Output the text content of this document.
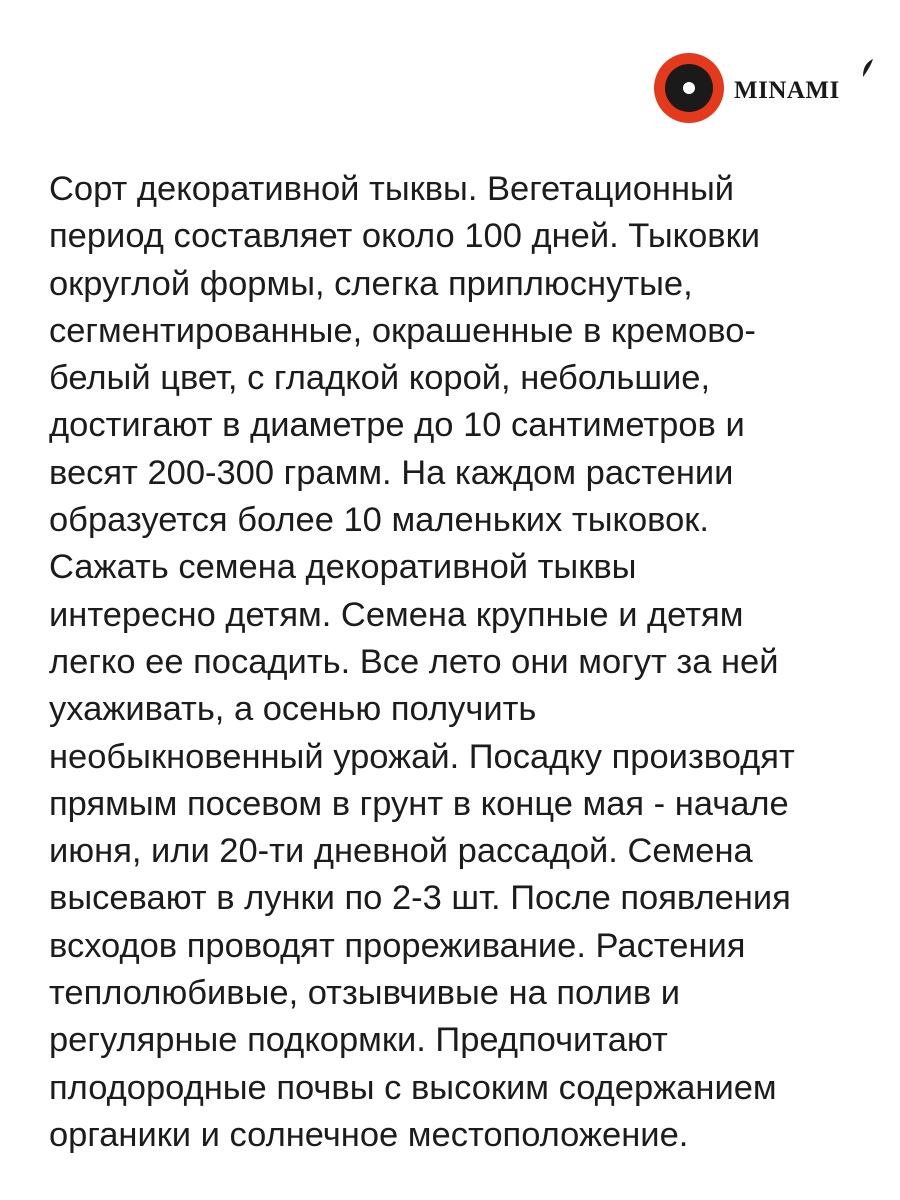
MINAMI

Сорт декоративной тыквы. Вегетационный
период составляет около 100 дней. Тыковки
округлой формы, слегка приплюснутые,
сегментированные, окрашенные в кремово-
белый цвет, с гладкой корой, небольшие,
достигают в диаметре до 10 сантиметров и
весят 200-300 грамм. На каждом растении
образуется более 10 маленьких тыковок.
Сажать семена декоративной тыквы
интересно детям. Семена крупные и детям
легко ее посадить. Все лето они могут за ней
ухаживать, а осенью получить
необыкновенный урожай. Посадку производят
прямым посевом в грунт в конце мая - начале
июня, или 20-ти дневной рассадой. Семена
высевают в лунки по 2-3 шт. После появления
всходов проводят прореживание. Растения
теплолюбивые, отзывчивые на полив и
регулярные подкормки. Предпочитают
плодородные почвы с высоким содержанием
органики и солнечное местоположение.
